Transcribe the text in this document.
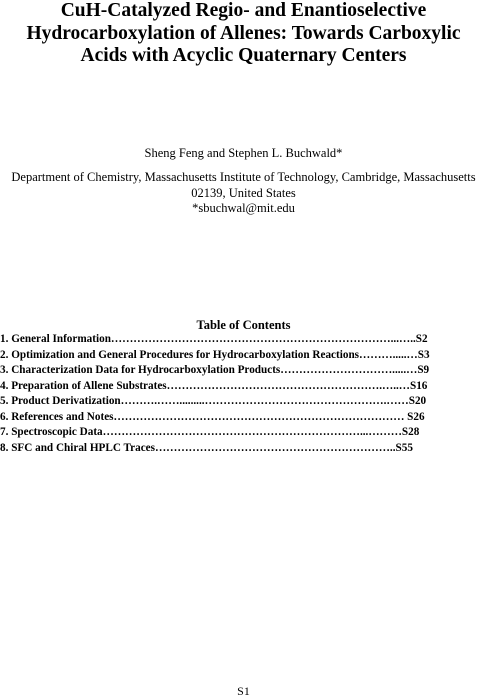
CuH-Catalyzed Regio- and Enantioselective
Hydrocarboxylation of Allenes: Towards Carboxylic
Acids with Acyclic Quaternary Centers
Sheng Feng and Stephen L. Buchwald*
Department of Chemistry, Massachusetts Institute of Technology, Cambridge, Massachusetts
02139, United States
*sbuchwal@mit.edu
Table of Contents
1. General Information…………………………………………………………………...…..S2
2. Optimization and General Procedures for Hydrocarboxylation Reactions……….....…S3
3. Characterization Data for Hydrocarboxylation Products………………………….....…S9
4. Preparation of Allene Substrates………………………………………………….…..…S16
5. Product Derivatization……….…….........………………………………………….……S20
6. References and Notes…………………………………………………………………… S26
7. Spectroscopic Data……………………………………………………………...………S28
8. SFC and Chiral HPLC Traces………………………………………………………..S55
S1
